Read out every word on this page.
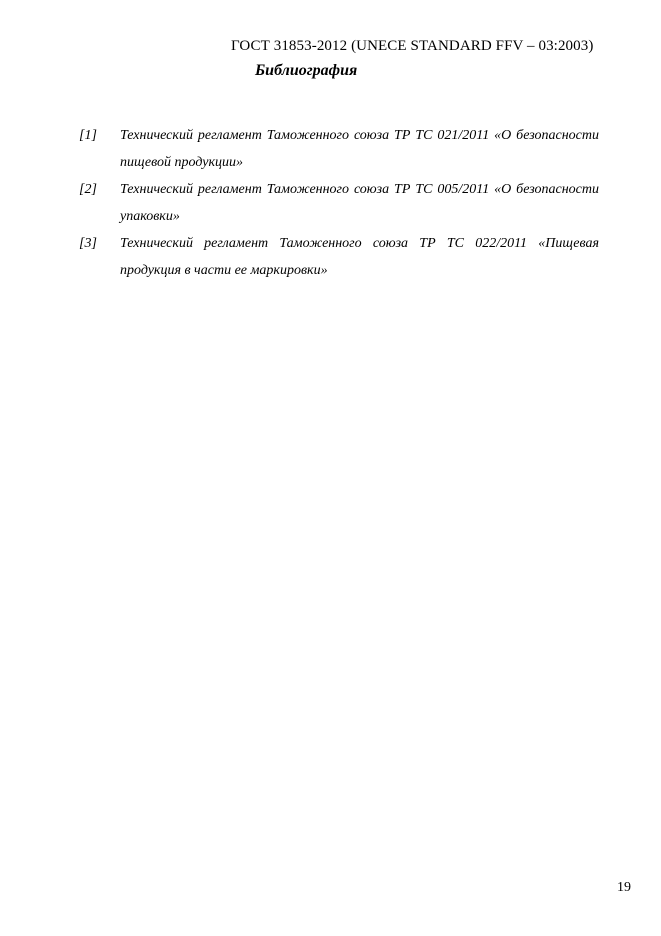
ГОСТ 31853-2012 (UNECE STANDARD FFV – 03:2003)
Библиография
[1] Технический регламент Таможенного союза ТР ТС 021/2011 «О безопасности пищевой продукции»
[2] Технический регламент Таможенного союза ТР ТС 005/2011 «О безопасности упаковки»
[3] Технический регламент Таможенного союза ТР ТС 022/2011 «Пищевая продукция в части ее маркировки»
19
